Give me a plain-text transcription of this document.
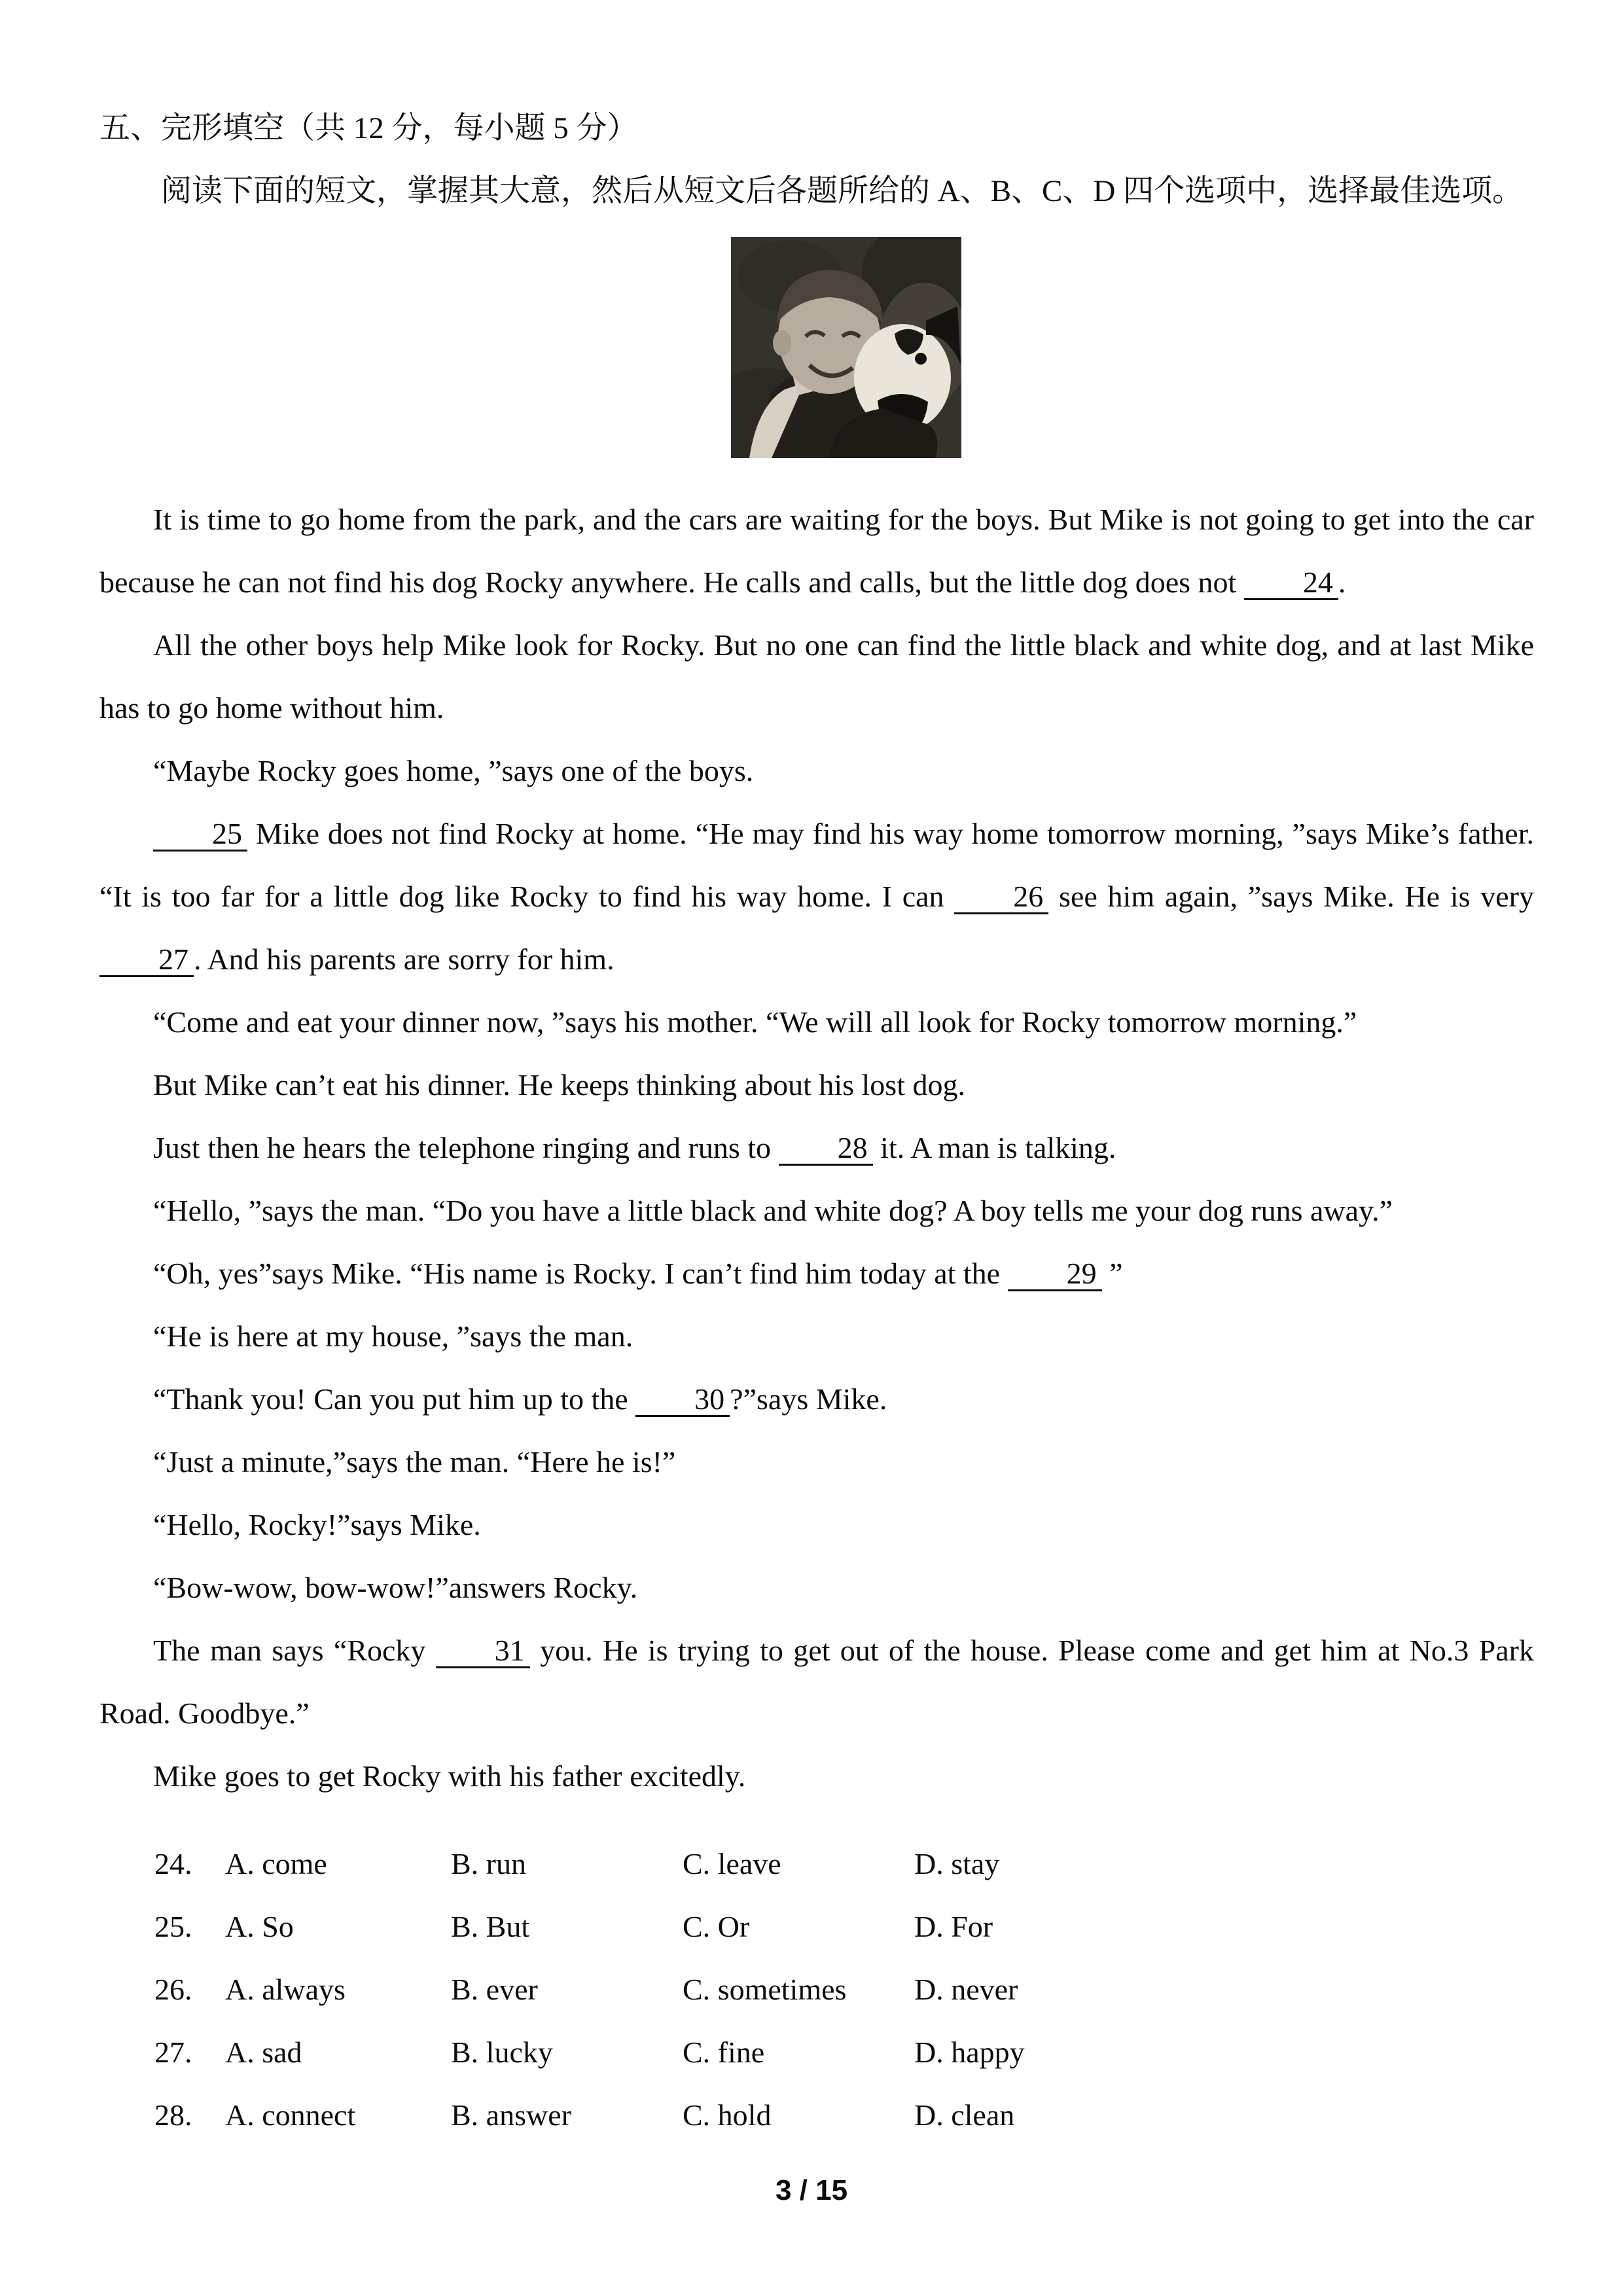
五、完形填空（共 12 分，每小题 5 分）
阅读下面的短文，掌握其大意，然后从短文后各题所给的 A、B、C、D 四个选项中，选择最佳选项。

It is time to go home from the park, and the cars are waiting for the boys. But Mike is not going to get into the car because he can not find his dog Rocky anywhere. He calls and calls, but the little dog does not 24 .

All the other boys help Mike look for Rocky. But no one can find the little black and white dog, and at last Mike has to go home without him.

“Maybe Rocky goes home, ”says one of the boys.

25 Mike does not find Rocky at home. “He may find his way home tomorrow morning, ”says Mike’s father. “It is too far for a little dog like Rocky to find his way home. I can 26 see him again, ”says Mike. He is very 27 . And his parents are sorry for him.

“Come and eat your dinner now, ”says his mother. “We will all look for Rocky tomorrow morning.”

But Mike can’t eat his dinner. He keeps thinking about his lost dog.

Just then he hears the telephone ringing and runs to 28 it. A man is talking.

“Hello, ”says the man. “Do you have a little black and white dog? A boy tells me your dog runs away.”

“Oh, yes”says Mike. “His name is Rocky. I can’t find him today at the 29 ”

“He is here at my house, ”says the man.

“Thank you! Can you put him up to the 30 ?”says Mike.

“Just a minute,”says the man. “Here he is!”

“Hello, Rocky!”says Mike.

“Bow-wow, bow-wow!”answers Rocky.

The man says “Rocky 31 you. He is trying to get out of the house. Please come and get him at No.3 Park Road. Goodbye.”

Mike goes to get Rocky with his father excitedly.

24.	A. come	B. run	C. leave	D. stay
25.	A. So	B. But	C. Or	D. For
26.	A. always	B. ever	C. sometimes	D. never
27.	A. sad	B. lucky	C. fine	D. happy
28.	A. connect	B. answer	C. hold	D. clean
3 / 15
